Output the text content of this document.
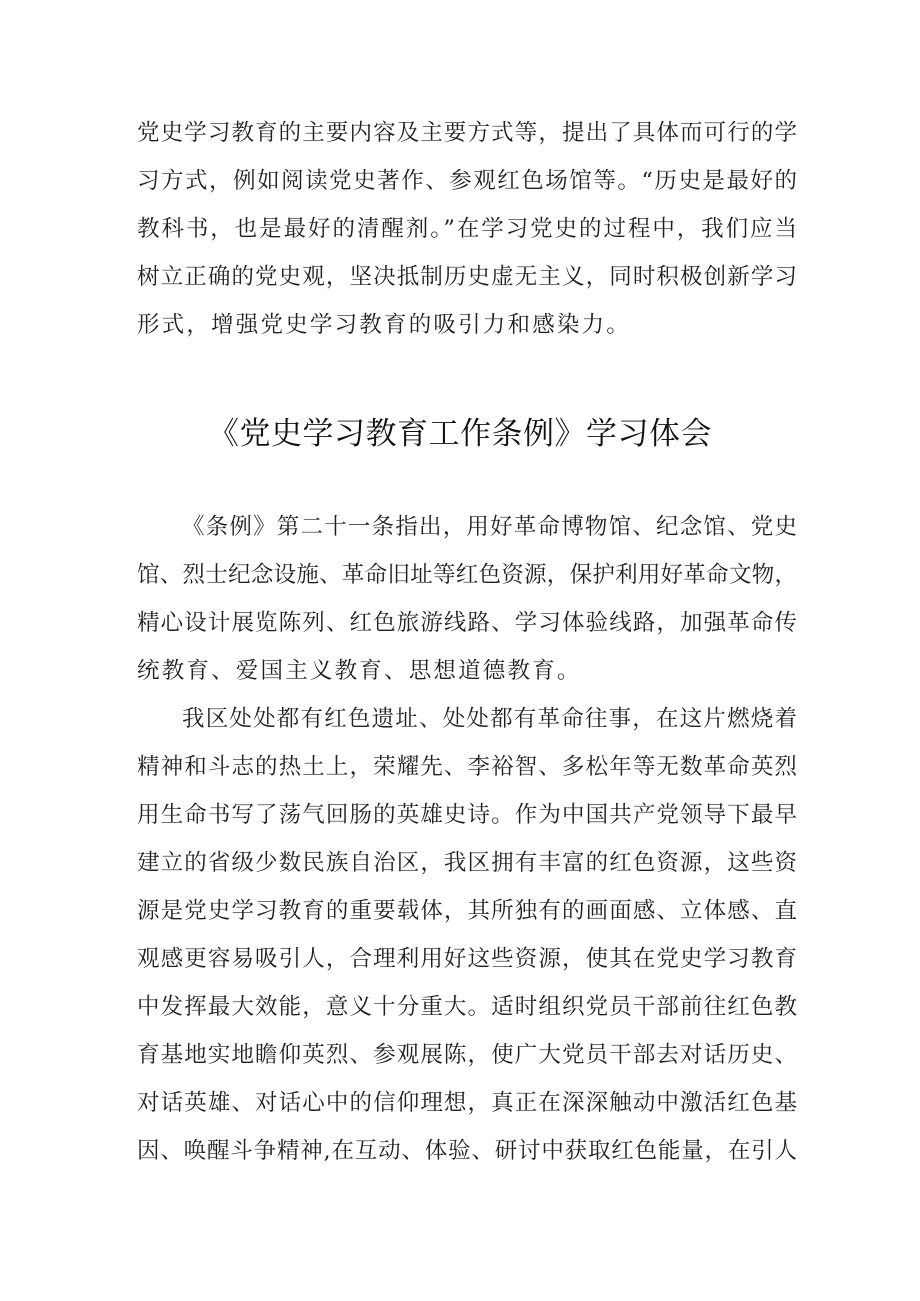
党史学习教育的主要内容及主要方式等，提出了具体而可行的学

习方式，例如阅读党史著作、参观红色场馆等。“历史是最好的

教科书，也是最好的清醒剂。”在学习党史的过程中，我们应当

树立正确的党史观，坚决抵制历史虚无主义，同时积极创新学习

形式，增强党史学习教育的吸引力和感染力。

《党史学习教育工作条例》学习体会

《条例》第二十一条指出，用好革命博物馆、纪念馆、党史

馆、烈士纪念设施、革命旧址等红色资源，保护利用好革命文物，

精心设计展览陈列、红色旅游线路、学习体验线路，加强革命传

统教育、爱国主义教育、思想道德教育。

我区处处都有红色遗址、处处都有革命往事，在这片燃烧着

精神和斗志的热土上，荣耀先、李裕智、多松年等无数革命英烈

用生命书写了荡气回肠的英雄史诗。作为中国共产党领导下最早

建立的省级少数民族自治区，我区拥有丰富的红色资源，这些资

源是党史学习教育的重要载体，其所独有的画面感、立体感、直

观感更容易吸引人，合理利用好这些资源，使其在党史学习教育

中发挥最大效能，意义十分重大。适时组织党员干部前往红色教

育基地实地瞻仰英烈、参观展陈，使广大党员干部去对话历史、

对话英雄、对话心中的信仰理想，真正在深深触动中激活红色基

因、唤醒斗争精神,在互动、体验、研讨中获取红色能量，在引人
